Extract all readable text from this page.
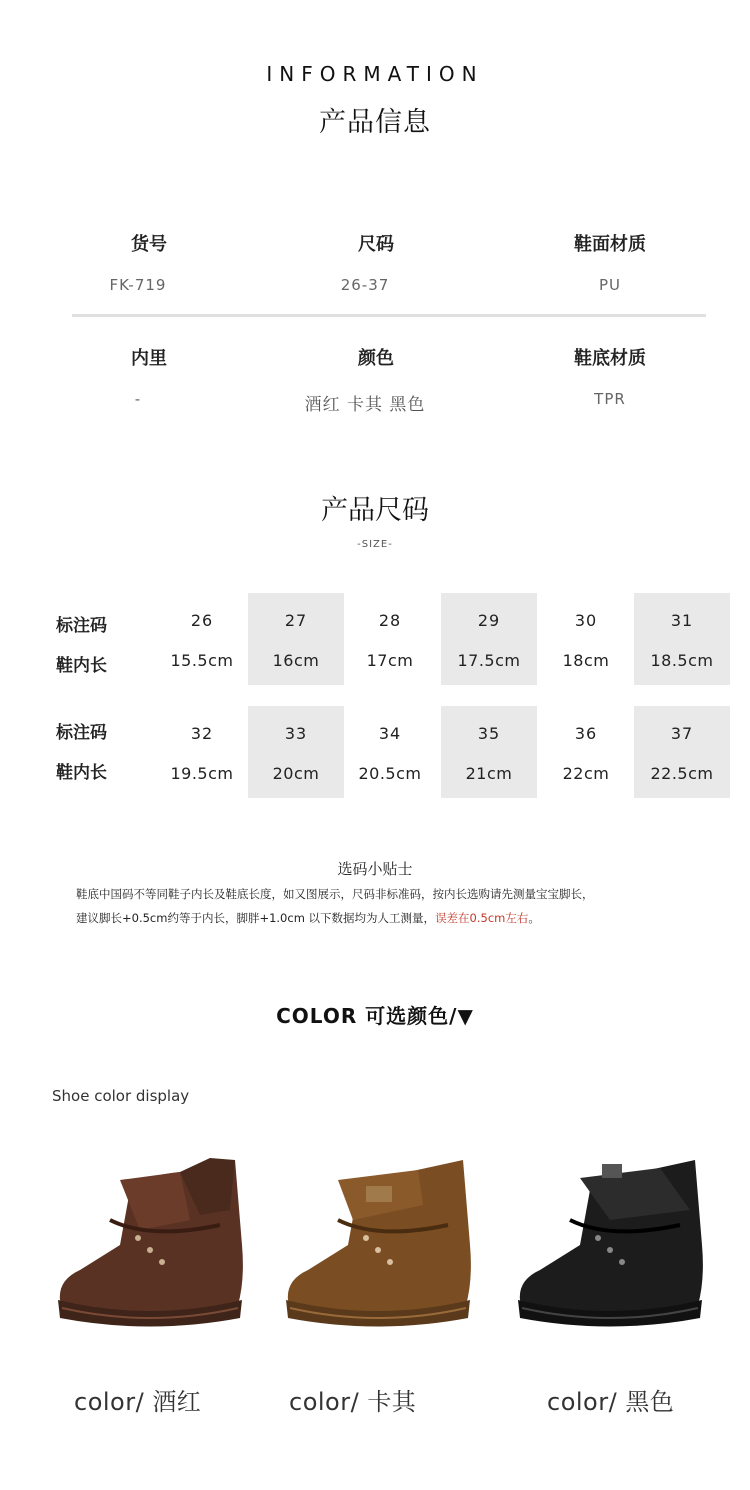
INFORMATION
产品信息
货号
FK-719
尺码
26-37
鞋面材质
PU
内里
-
颜色
酒红 卡其 黑色
鞋底材质
TPR
产品尺码
-SIZE-
标注码
鞋内长
26
15.5cm
27
16cm
28
17cm
29
17.5cm
30
18cm
31
18.5cm
标注码
鞋内长
32
19.5cm
33
20cm
34
20.5cm
35
21cm
36
22cm
37
22.5cm
选码小贴士
鞋底中国码不等同鞋子内长及鞋底长度，如又图展示，尺码非标准码，按内长选购请先测量宝宝脚长，
建议脚长+0.5cm约等于内长，脚胖+1.0cm 以下数据均为人工测量，误差在0.5cm左右。
COLOR 可选颜色/▼
Shoe color display
color/ 酒红	color/ 卡其	color/ 黑色
